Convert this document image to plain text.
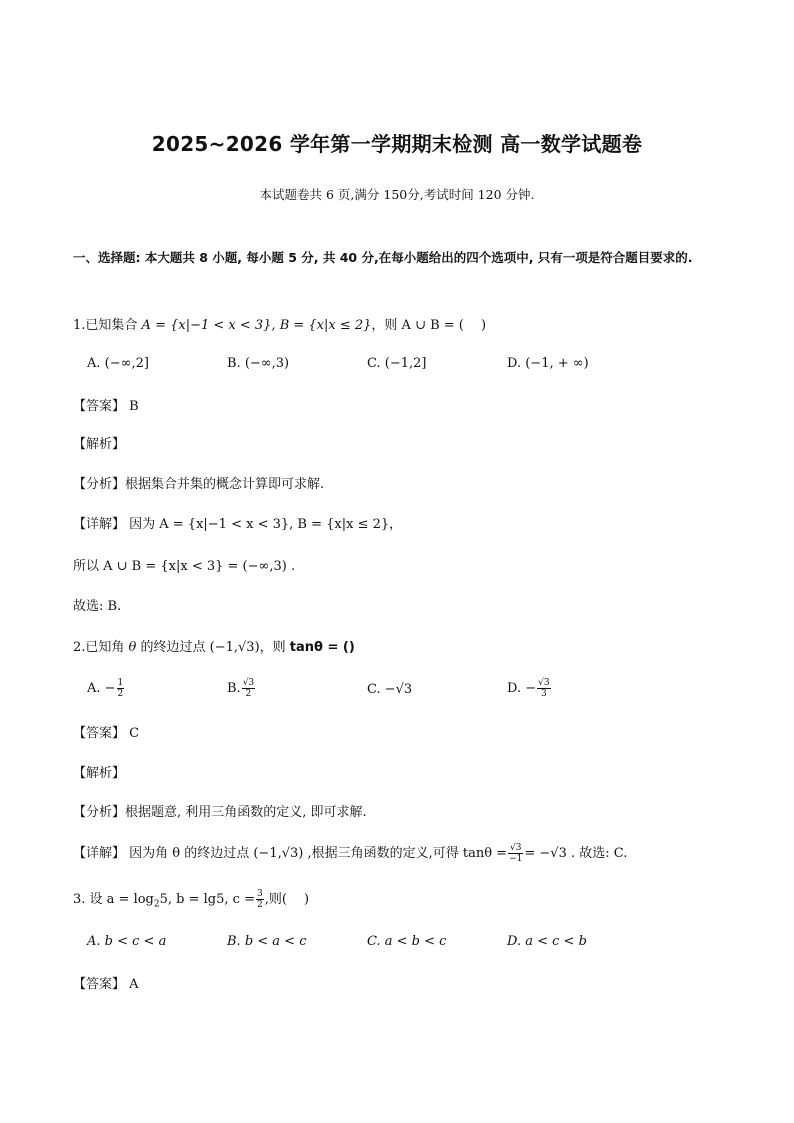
2025~2026 学年第一学期期末检测 高一数学试题卷
本试题卷共 6 页,满分 150分,考试时间 120 分钟.
一、选择题: 本大题共 8 小题, 每小题 5 分, 共 40 分,在每小题给出的四个选项中, 只有一项是符合题目要求的.
1.已知集合 A = {x|−1 < x < 3}, B = {x|x ≤ 2}，则 A ∪ B = (　 )
A. (−∞,2]	B. (−∞,3)	C. (−1,2]	D. (−1, + ∞)
【答案】 B
【解析】
【分析】根据集合并集的概念计算即可求解.
【详解】 因为 A = {x|−1 < x < 3}, B = {x|x ≤ 2}，
所以 A ∪ B = {x|x < 3} = (−∞,3) .
故选: B.
2.已知角 θ 的终边过点 (−1,√3)，则 tanθ = ()
A. − $\frac{1}{2}$	B. $\frac{√3}{2}$	C. −√3	D. − $\frac{√3}{3}$
【答案】 C
【解析】
【分析】根据题意, 利用三角函数的定义, 即可求解.
【详解】 因为角 θ 的终边过点 (−1,√3) ,根据三角函数的定义,可得 $\tan\theta = \frac{√3}{-1} = -√3$ . 故选: C.
3. 设 $a = \log_25$, b = lg5, $c = \frac{3}{2}$ ,则(　 )
A. b < c < a	B. b < a < c	C. a < b < c	D. a < c < b
【答案】 A
